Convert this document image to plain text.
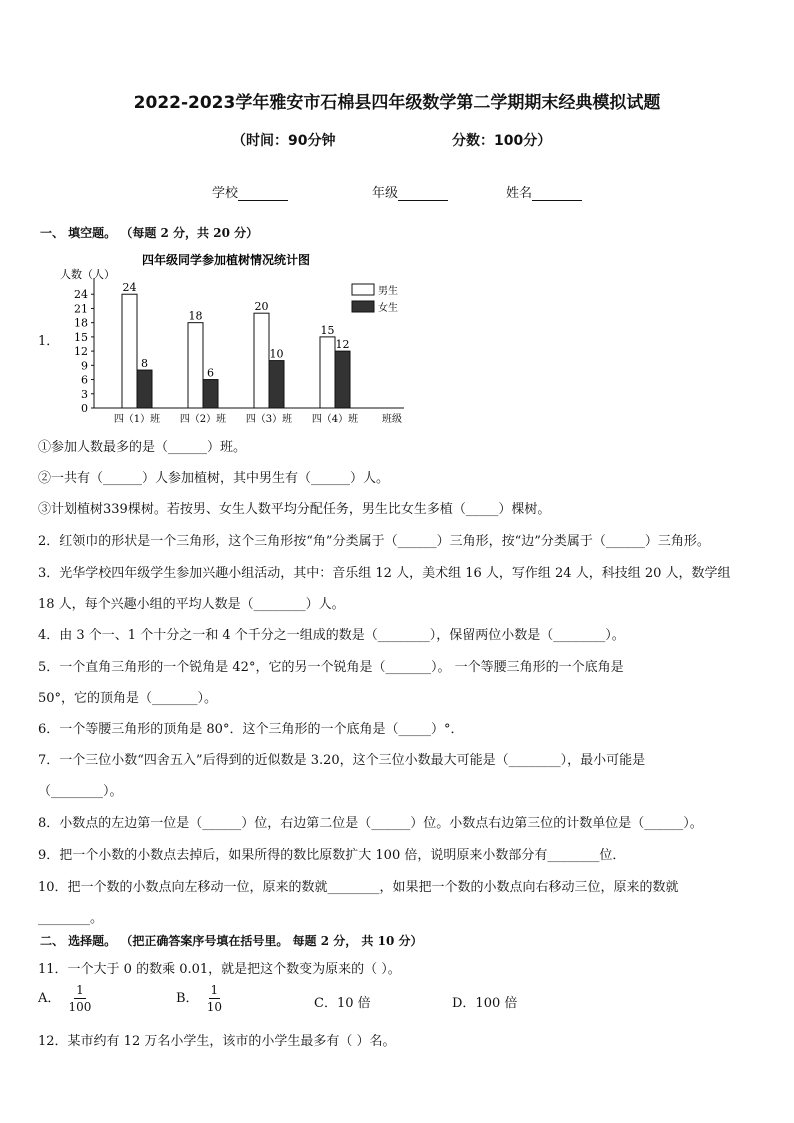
2022-2023学年雅安市石棉县四年级数学第二学期期末经典模拟试题
（时间：90分钟	分数：100分）
学校	年级	姓名
一、 填空题。 （每题 2 分，共 20 分）
1．
四年级同学参加植树情况统计图
人数（人）
0
3
6
9
12
15
18
21
24
四（1）班 四（2）班 四（3）班 四（4）班 班级
24
8
18
6
20
10
15
12
男生
女生
①参加人数最多的是（______）班。
②一共有（______）人参加植树，其中男生有（______）人。
③计划植树339棵树。若按男、女生人数平均分配任务，男生比女生多植（_____）棵树。
2．红领巾的形状是一个三角形，这个三角形按“角”分类属于（______）三角形，按“边”分类属于（______）三角形。
3．光华学校四年级学生参加兴趣小组活动，其中：音乐组 12 人，美术组 16 人，写作组 24 人，科技组 20 人，数学组
18 人，每个兴趣小组的平均人数是（________）人。
4．由 3 个一、1 个十分之一和 4 个千分之一组成的数是（________），保留两位小数是（________）。
5．一个直角三角形的一个锐角是 42°，它的另一个锐角是（_______）。 一个等腰三角形的一个底角是
50°，它的顶角是（_______）。
6．一个等腰三角形的顶角是 80°．这个三角形的一个底角是（_____）°．
7．一个三位小数“四舍五入”后得到的近似数是 3.20，这个三位小数最大可能是（________），最小可能是
（________）。
8．小数点的左边第一位是（______）位，右边第二位是（______）位。小数点右边第三位的计数单位是（______）。
9．把一个小数的小数点去掉后，如果所得的数比原数扩大 100 倍，说明原来小数部分有________位．
10．把一个数的小数点向左移动一位，原来的数就________，如果把一个数的小数点向右移动三位，原来的数就
________。
二、 选择题。 （把正确答案序号填在括号里。 每题 2 分， 共 10 分）
11．一个大于 0 的数乘 0.01，就是把这个数变为原来的（ ）。
A． $\frac{1}{100}$	B． $\frac{1}{10}$	C．10 倍	D．100 倍
12．某市约有 12 万名小学生，该市的小学生最多有（ ）名。
